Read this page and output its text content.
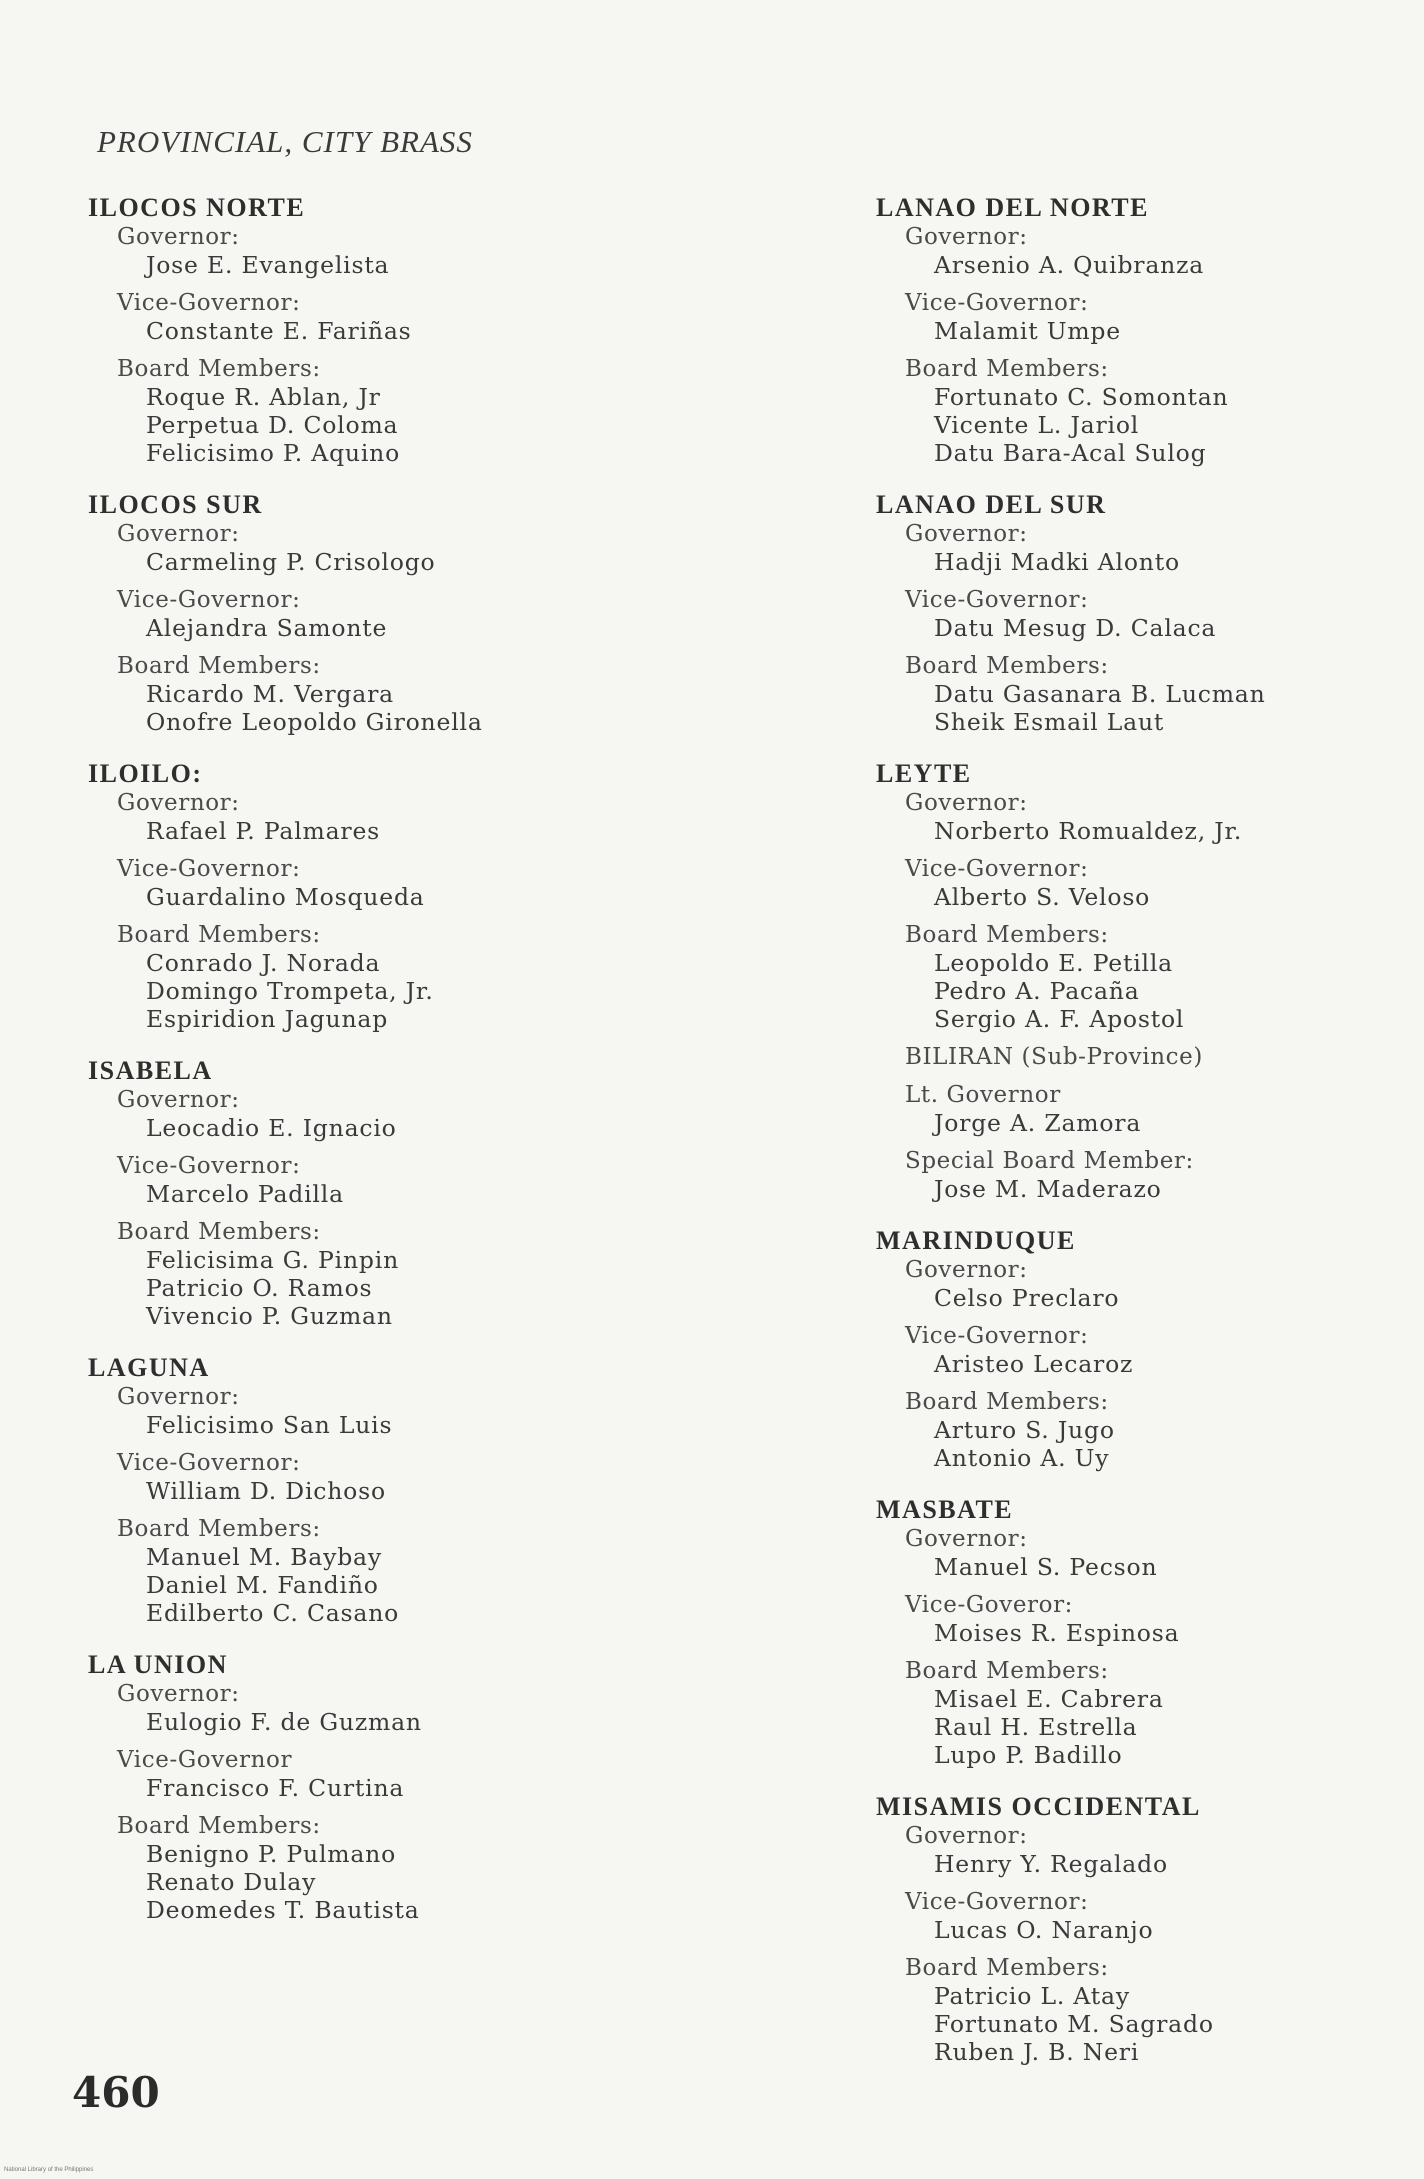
PROVINCIAL, CITY BRASS
ILOCOS NORTE
Governor:
Jose E. Evangelista
Vice-Governor:
Constante E. Fariñas
Board Members:
Roque R. Ablan, Jr
Perpetua D. Coloma
Felicisimo P. Aquino
ILOCOS SUR
Governor:
Carmeling P. Crisologo
Vice-Governor:
Alejandra Samonte
Board Members:
Ricardo M. Vergara
Onofre Leopoldo Gironella
ILOILO:
Governor:
Rafael P. Palmares
Vice-Governor:
Guardalino Mosqueda
Board Members:
Conrado J. Norada
Domingo Trompeta, Jr.
Espiridion Jagunap
ISABELA
Governor:
Leocadio E. Ignacio
Vice-Governor:
Marcelo Padilla
Board Members:
Felicisima G. Pinpin
Patricio O. Ramos
Vivencio P. Guzman
LAGUNA
Governor:
Felicisimo San Luis
Vice-Governor:
William D. Dichoso
Board Members:
Manuel M. Baybay
Daniel M. Fandiño
Edilberto C. Casano
LA UNION
Governor:
Eulogio F. de Guzman
Vice-Governor
Francisco F. Curtina
Board Members:
Benigno P. Pulmano
Renato Dulay
Deomedes T. Bautista
LANAO DEL NORTE
Governor:
Arsenio A. Quibranza
Vice-Governor:
Malamit Umpe
Board Members:
Fortunato C. Somontan
Vicente L. Jariol
Datu Bara-Acal Sulog
LANAO DEL SUR
Governor:
Hadji Madki Alonto
Vice-Governor:
Datu Mesug D. Calaca
Board Members:
Datu Gasanara B. Lucman
Sheik Esmail Laut
LEYTE
Governor:
Norberto Romualdez, Jr.
Vice-Governor:
Alberto S. Veloso
Board Members:
Leopoldo E. Petilla
Pedro A. Pacaña
Sergio A. F. Apostol
BILIRAN (Sub-Province)
Lt. Governor
Jorge A. Zamora
Special Board Member:
Jose M. Maderazo
MARINDUQUE
Governor:
Celso Preclaro
Vice-Governor:
Aristeo Lecaroz
Board Members:
Arturo S. Jugo
Antonio A. Uy
MASBATE
Governor:
Manuel S. Pecson
Vice-Goveror:
Moises R. Espinosa
Board Members:
Misael E. Cabrera
Raul H. Estrella
Lupo P. Badillo
MISAMIS OCCIDENTAL
Governor:
Henry Y. Regalado
Vice-Governor:
Lucas O. Naranjo
Board Members:
Patricio L. Atay
Fortunato M. Sagrado
Ruben J. B. Neri
460
National Library of the Philippines
